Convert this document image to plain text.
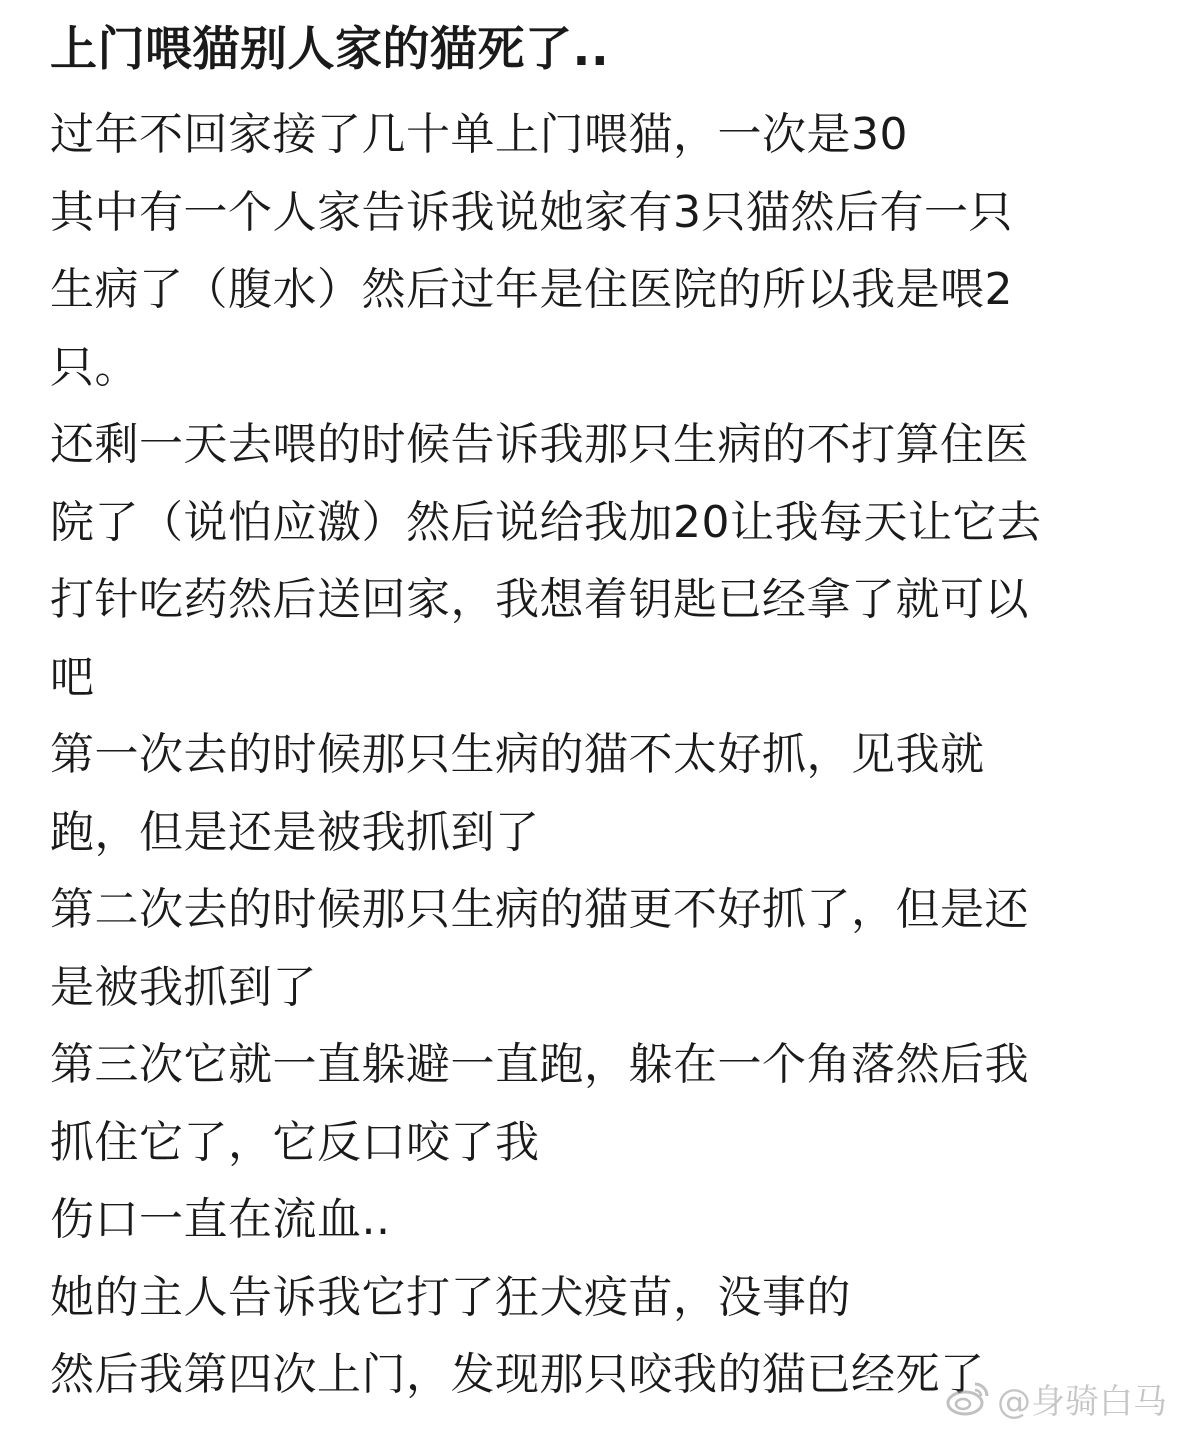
上门喂猫别人家的猫死了..
过年不回家接了几十单上门喂猫，一次是30
其中有一个人家告诉我说她家有3只猫然后有一只
生病了（腹水）然后过年是住医院的所以我是喂2
只。
还剩一天去喂的时候告诉我那只生病的不打算住医
院了（说怕应激）然后说给我加20让我每天让它去
打针吃药然后送回家，我想着钥匙已经拿了就可以
吧
第一次去的时候那只生病的猫不太好抓，见我就
跑，但是还是被我抓到了
第二次去的时候那只生病的猫更不好抓了，但是还
是被我抓到了
第三次它就一直躲避一直跑，躲在一个角落然后我
抓住它了，它反口咬了我
伤口一直在流血..
她的主人告诉我它打了狂犬疫苗，没事的
然后我第四次上门，发现那只咬我的猫已经死了
@身骑白马
